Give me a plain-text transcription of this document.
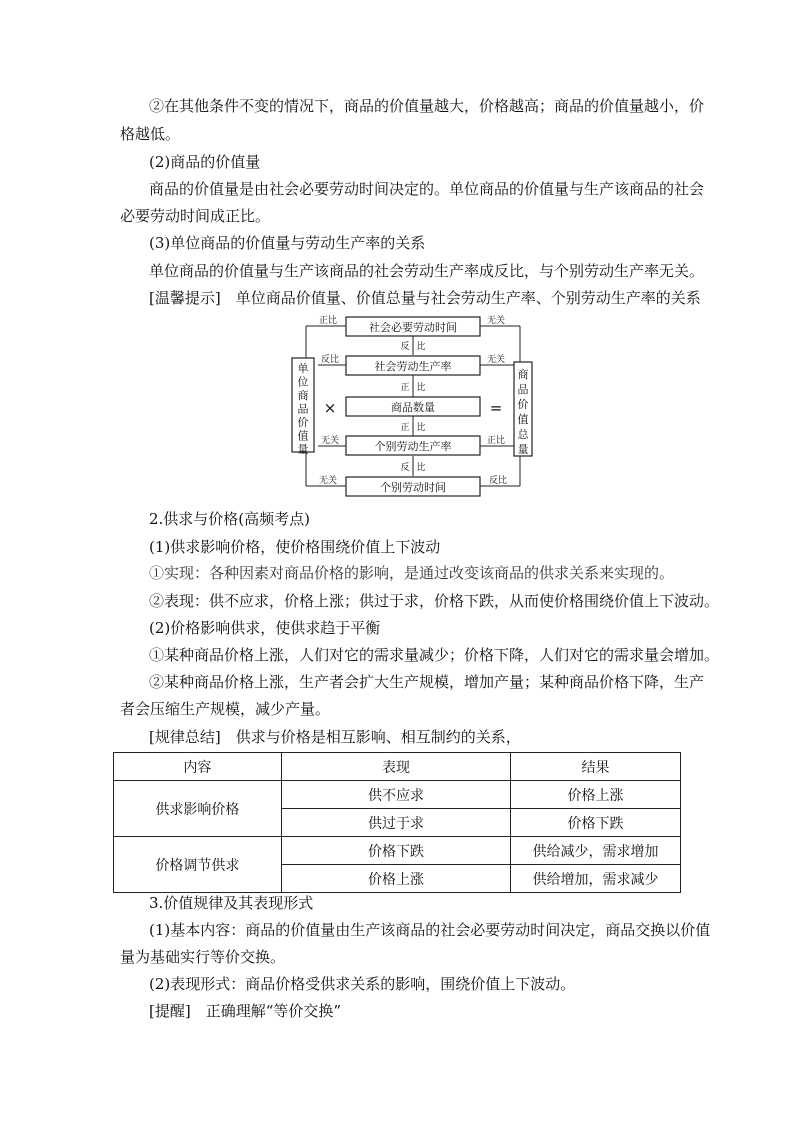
②在其他条件不变的情况下，商品的价值量越大，价格越高；商品的价值量越小，价
格越低。
(2)商品的价值量
商品的价值量是由社会必要劳动时间决定的。单位商品的价值量与生产该商品的社会
必要劳动时间成正比。
(3)单位商品的价值量与劳动生产率的关系
单位商品的价值量与生产该商品的社会劳动生产率成反比，与个别劳动生产率无关。
[温馨提示]　单位商品价值量、价值总量与社会劳动生产率、个别劳动生产率的关系
单位商品价值量
商品价值总量
社会必要劳动时间
社会劳动生产率
商品数量
个别劳动生产率
个别劳动时间
正比
反比
无关
无关
无关
无关
正比
反比
反 比
正 比
正 比
反 比
×	=
2.供求与价格(高频考点)
(1)供求影响价格，使价格围绕价值上下波动
①实现：各种因素对商品价格的影响，是通过改变该商品的供求关系来实现的。
②表现：供不应求，价格上涨；供过于求，价格下跌，从而使价格围绕价值上下波动。
(2)价格影响供求，使供求趋于平衡
①某种商品价格上涨，人们对它的需求量减少；价格下降，人们对它的需求量会增加。
②某种商品价格上涨，生产者会扩大生产规模，增加产量；某种商品价格下降，生产
者会压缩生产规模，减少产量。
[规律总结]　供求与价格是相互影响、相互制约的关系，
内容	表现	结果
供求影响价格	供不应求	价格上涨
	供过于求	价格下跌
价格调节供求	价格下跌	供给减少，需求增加
	价格上涨	供给增加，需求减少
3.价值规律及其表现形式
(1)基本内容：商品的价值量由生产该商品的社会必要劳动时间决定，商品交换以价值
量为基础实行等价交换。
(2)表现形式：商品价格受供求关系的影响，围绕价值上下波动。
[提醒]　正确理解“等价交换”
